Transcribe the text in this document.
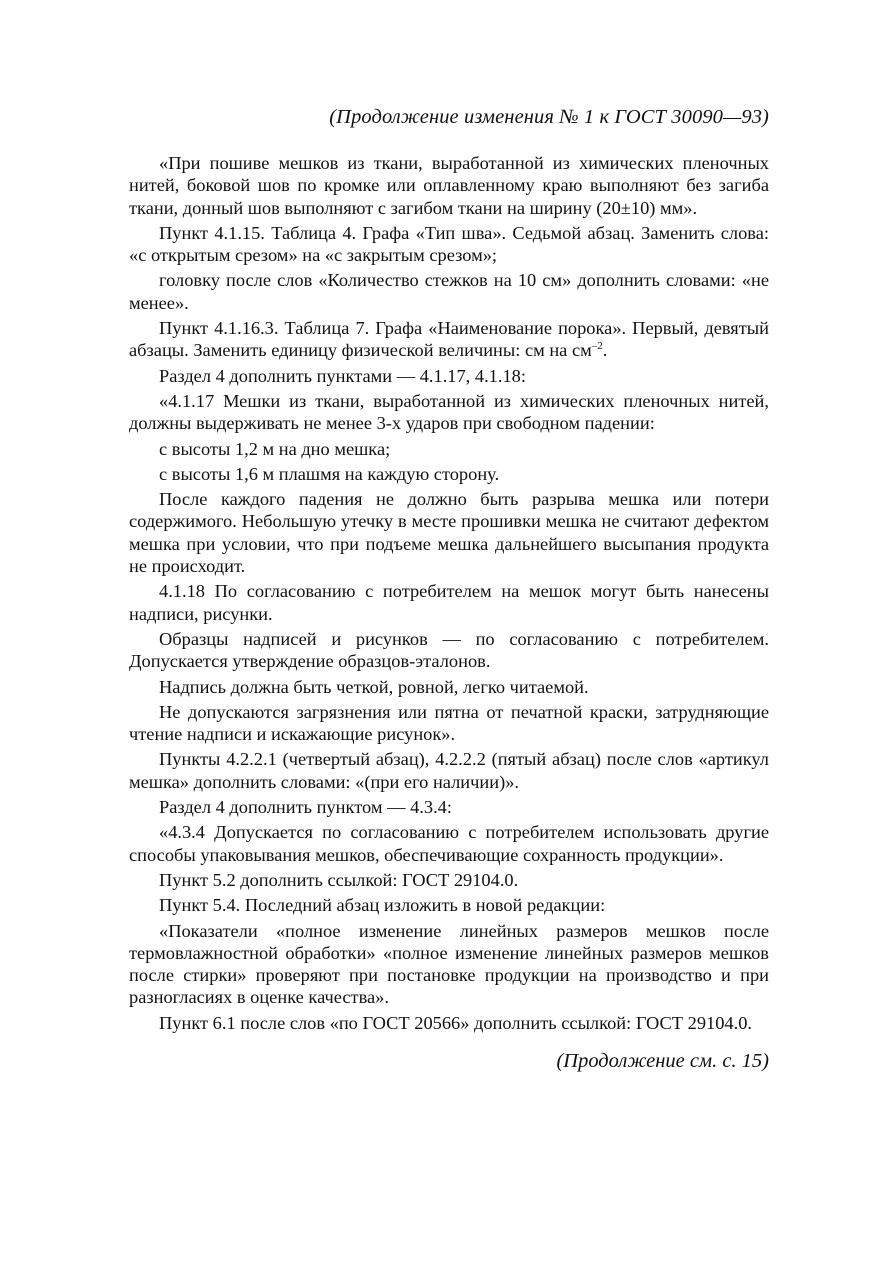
(Продолжение изменения № 1 к ГОСТ 30090—93)

«При пошиве мешков из ткани, выработанной из химических пленочных нитей, боковой шов по кромке или оплавленному краю выполняют без загиба ткани, донный шов выполняют с загибом ткани на ширину (20±10) мм».

Пункт 4.1.15. Таблица 4. Графа «Тип шва». Седьмой абзац. Заменить слова: «с открытым срезом» на «с закрытым срезом»;

головку после слов «Количество стежков на 10 см» дополнить словами: «не менее».

Пункт 4.1.16.3. Таблица 7. Графа «Наименование порока». Первый, девятый абзацы. Заменить единицу физической величины: см на $см^{-2}$.

Раздел 4 дополнить пунктами — 4.1.17, 4.1.18:

«4.1.17 Мешки из ткани, выработанной из химических пленочных нитей, должны выдерживать не менее 3-х ударов при свободном падении:

с высоты 1,2 м на дно мешка;

с высоты 1,6 м плашмя на каждую сторону.

После каждого падения не должно быть разрыва мешка или потери содержимого. Небольшую утечку в месте прошивки мешка не считают дефектом мешка при условии, что при подъеме мешка дальнейшего высыпания продукта не происходит.

4.1.18 По согласованию с потребителем на мешок могут быть нанесены надписи, рисунки.

Образцы надписей и рисунков — по согласованию с потребителем. Допускается утверждение образцов-эталонов.

Надпись должна быть четкой, ровной, легко читаемой.

Не допускаются загрязнения или пятна от печатной краски, затрудняющие чтение надписи и искажающие рисунок».

Пункты 4.2.2.1 (четвертый абзац), 4.2.2.2 (пятый абзац) после слов «артикул мешка» дополнить словами: «(при его наличии)».

Раздел 4 дополнить пунктом — 4.3.4:

«4.3.4 Допускается по согласованию с потребителем использовать другие способы упаковывания мешков, обеспечивающие сохранность продукции».

Пункт 5.2 дополнить ссылкой: ГОСТ 29104.0.

Пункт 5.4. Последний абзац изложить в новой редакции:

«Показатели «полное изменение линейных размеров мешков после термовлажностной обработки» «полное изменение линейных размеров мешков после стирки» проверяют при постановке продукции на производство и при разногласиях в оценке качества».

Пункт 6.1 после слов «по ГОСТ 20566» дополнить ссылкой: ГОСТ 29104.0.

(Продолжение см. с. 15)
